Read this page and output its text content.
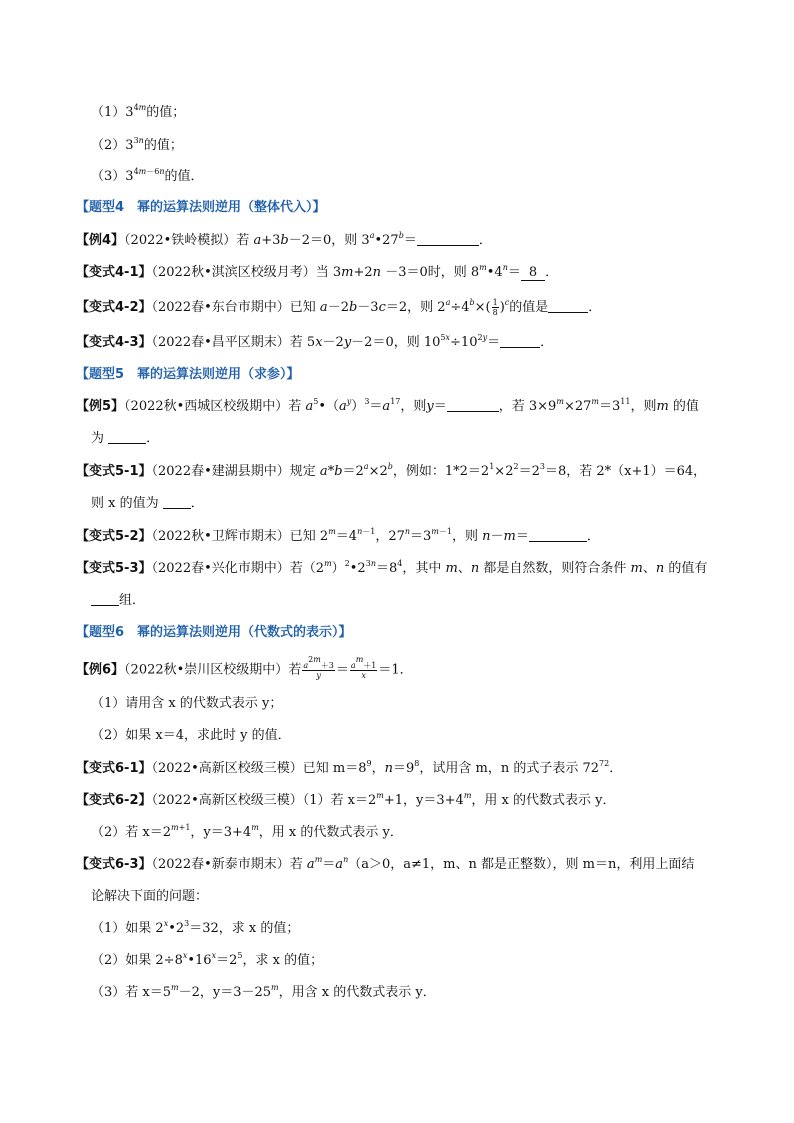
$(1)3^{4m}$的值；
$(2)3^{3n}$的值；
$(3)3^{4m-6n}$的值．
【题型4　幂的运算法则逆用（整体代入）】
【例4】（2022•铁岭模拟）若 a+3b－2＝0，则 $3^a•27^b=$	．
【变式4-1】（2022秋•淇滨区校级月考）当 3m+2n －3＝0时，则 $8^m•4^n= 8$ ．
【变式4-2】（2022春•东台市期中）已知 a－2b－3c＝2，则 $2^a\div 4^b\times( \frac{1}{8} )^c$的值是	．
【变式4-3】（2022春•昌平区期末）若 5x－2y－2＝0，则 $10^{5x}\div 10^{2y}=$	．
【题型5　幂的运算法则逆用（求参）】
【例5】（2022秋•西城区校级期中）若 $a^5•(a^y)^3=a^{17}$，则y＝	，若 $3\times 9^m\times 27^m=3^{11}$，则m 的值
为	．
【变式5-1】（2022春•建湖县期中）规定 $a*b=2^a\times 2^b$，例如：$1*2=2^1\times 2^2=2^3=8$，若 2*（x+1）＝64，
则 x 的值为 ．
【变式5-2】（2022秋•卫辉市期末）已知 $2^m=4^{n-1}$，$27^n=3^{m-1}$，则 n－m＝	．
【变式5-3】（2022春•兴化市期中）若$(2^m)^2•2^{3n}=8^4$，其中 m、n 都是自然数，则符合条件 m、n 的值有
组．
【题型6　幂的运算法则逆用（代数式的表示）】
【例6】（2022秋•崇川区校级期中）若 $\frac{a^{2m}+3}{y} = \frac{a^m+1}{x} =1$．
（1）请用含 x 的代数式表示 y；
（2）如果 x＝4，求此时 y 的值．
【变式6-1】（2022•高新区校级三模）已知 $m=8^9$，$n=9^8$，试用含 m，n 的式子表示 $72^{72}$．
【变式6-2】（2022•高新区校级三模）（1）若 $x=2^m+1$，$y=3+4^m$，用 x 的代数式表示 y．
（2）若 $x=2^{m+1}$，$y=3+4^m$，用 x 的代数式表示 y．
【变式6-3】（2022春•新泰市期末）若 $a^m=a^n(a>0$，a≠1，m、n 都是正整数），则 m＝n，利用上面结
论解决下面的问题：
（1）如果 $2^x•2^3=32$，求 x 的值；
（2）如果 $2\div 8^x•16^x=2^5$，求 x 的值；
（3）若 $x=5^m-2$，$y=3-25^m$，用含 x 的代数式表示 y．
